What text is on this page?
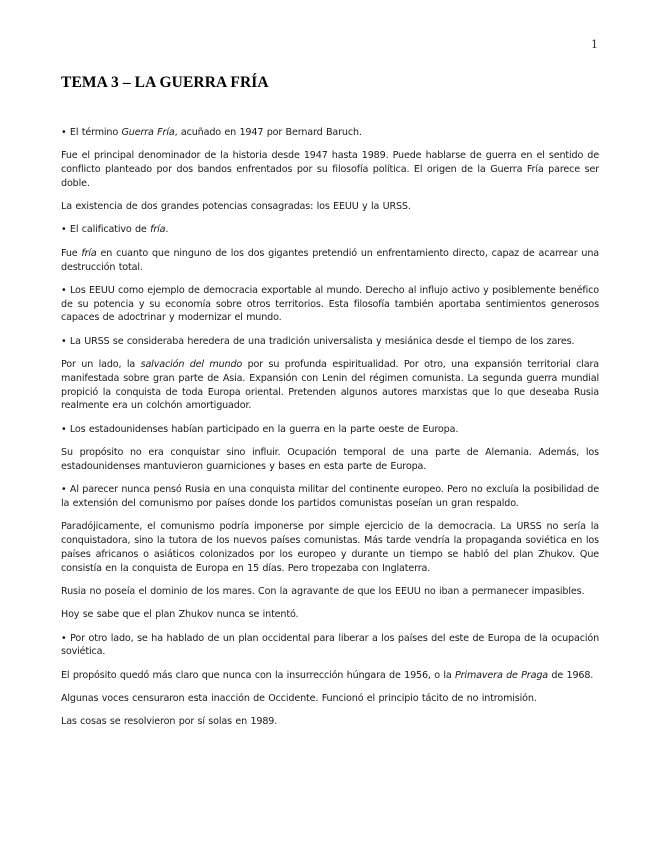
1
TEMA 3 – LA GUERRA FRÍA

• El término Guerra Fría, acuñado en 1947 por Bernard Baruch.

Fue el principal denominador de la historia desde 1947 hasta 1989. Puede hablarse de guerra en el sentido de conflicto planteado por dos bandos enfrentados por su filosofía política. El origen de la Guerra Fría parece ser doble.

La existencia de dos grandes potencias consagradas: los EEUU y la URSS.

• El calificativo de fría.

Fue fría en cuanto que ninguno de los dos gigantes pretendió un enfrentamiento directo, capaz de acarrear una destrucción total.

• Los EEUU como ejemplo de democracia exportable al mundo. Derecho al influjo activo y posiblemente benéfico de su potencia y su economía sobre otros territorios. Esta filosofía también aportaba sentimientos generosos capaces de adoctrinar y modernizar el mundo.

• La URSS se consideraba heredera de una tradición universalista y mesiánica desde el tiempo de los zares.

Por un lado, la salvación del mundo por su profunda espiritualidad. Por otro, una expansión territorial clara manifestada sobre gran parte de Asia. Expansión con Lenin del régimen comunista. La segunda guerra mundial propició la conquista de toda Europa oriental. Pretenden algunos autores marxistas que lo que deseaba Rusia realmente era un colchón amortiguador.

• Los estadounidenses habían participado en la guerra en la parte oeste de Europa.

Su propósito no era conquistar sino influir. Ocupación temporal de una parte de Alemania. Además, los estadounidenses mantuvieron guarniciones y bases en esta parte de Europa.

• Al parecer nunca pensó Rusia en una conquista militar del continente europeo. Pero no excluía la posibilidad de la extensión del comunismo por países donde los partidos comunistas poseían un gran respaldo.

Paradójicamente, el comunismo podría imponerse por simple ejercicio de la democracia. La URSS no sería la conquistadora, sino la tutora de los nuevos países comunistas. Más tarde vendría la propaganda soviética en los países africanos o asiáticos colonizados por los europeo y durante un tiempo se habló del plan Zhukov. Que consistía en la conquista de Europa en 15 días. Pero tropezaba con Inglaterra.

Rusia no poseía el dominio de los mares. Con la agravante de que los EEUU no iban a permanecer impasibles.

Hoy se sabe que el plan Zhukov nunca se intentó.

• Por otro lado, se ha hablado de un plan occidental para liberar a los países del este de Europa de la ocupación soviética.

El propósito quedó más claro que nunca con la insurrección húngara de 1956, o la Primavera de Praga de 1968.

Algunas voces censuraron esta inacción de Occidente. Funcionó el principio tácito de no intromisión.

Las cosas se resolvieron por sí solas en 1989.
